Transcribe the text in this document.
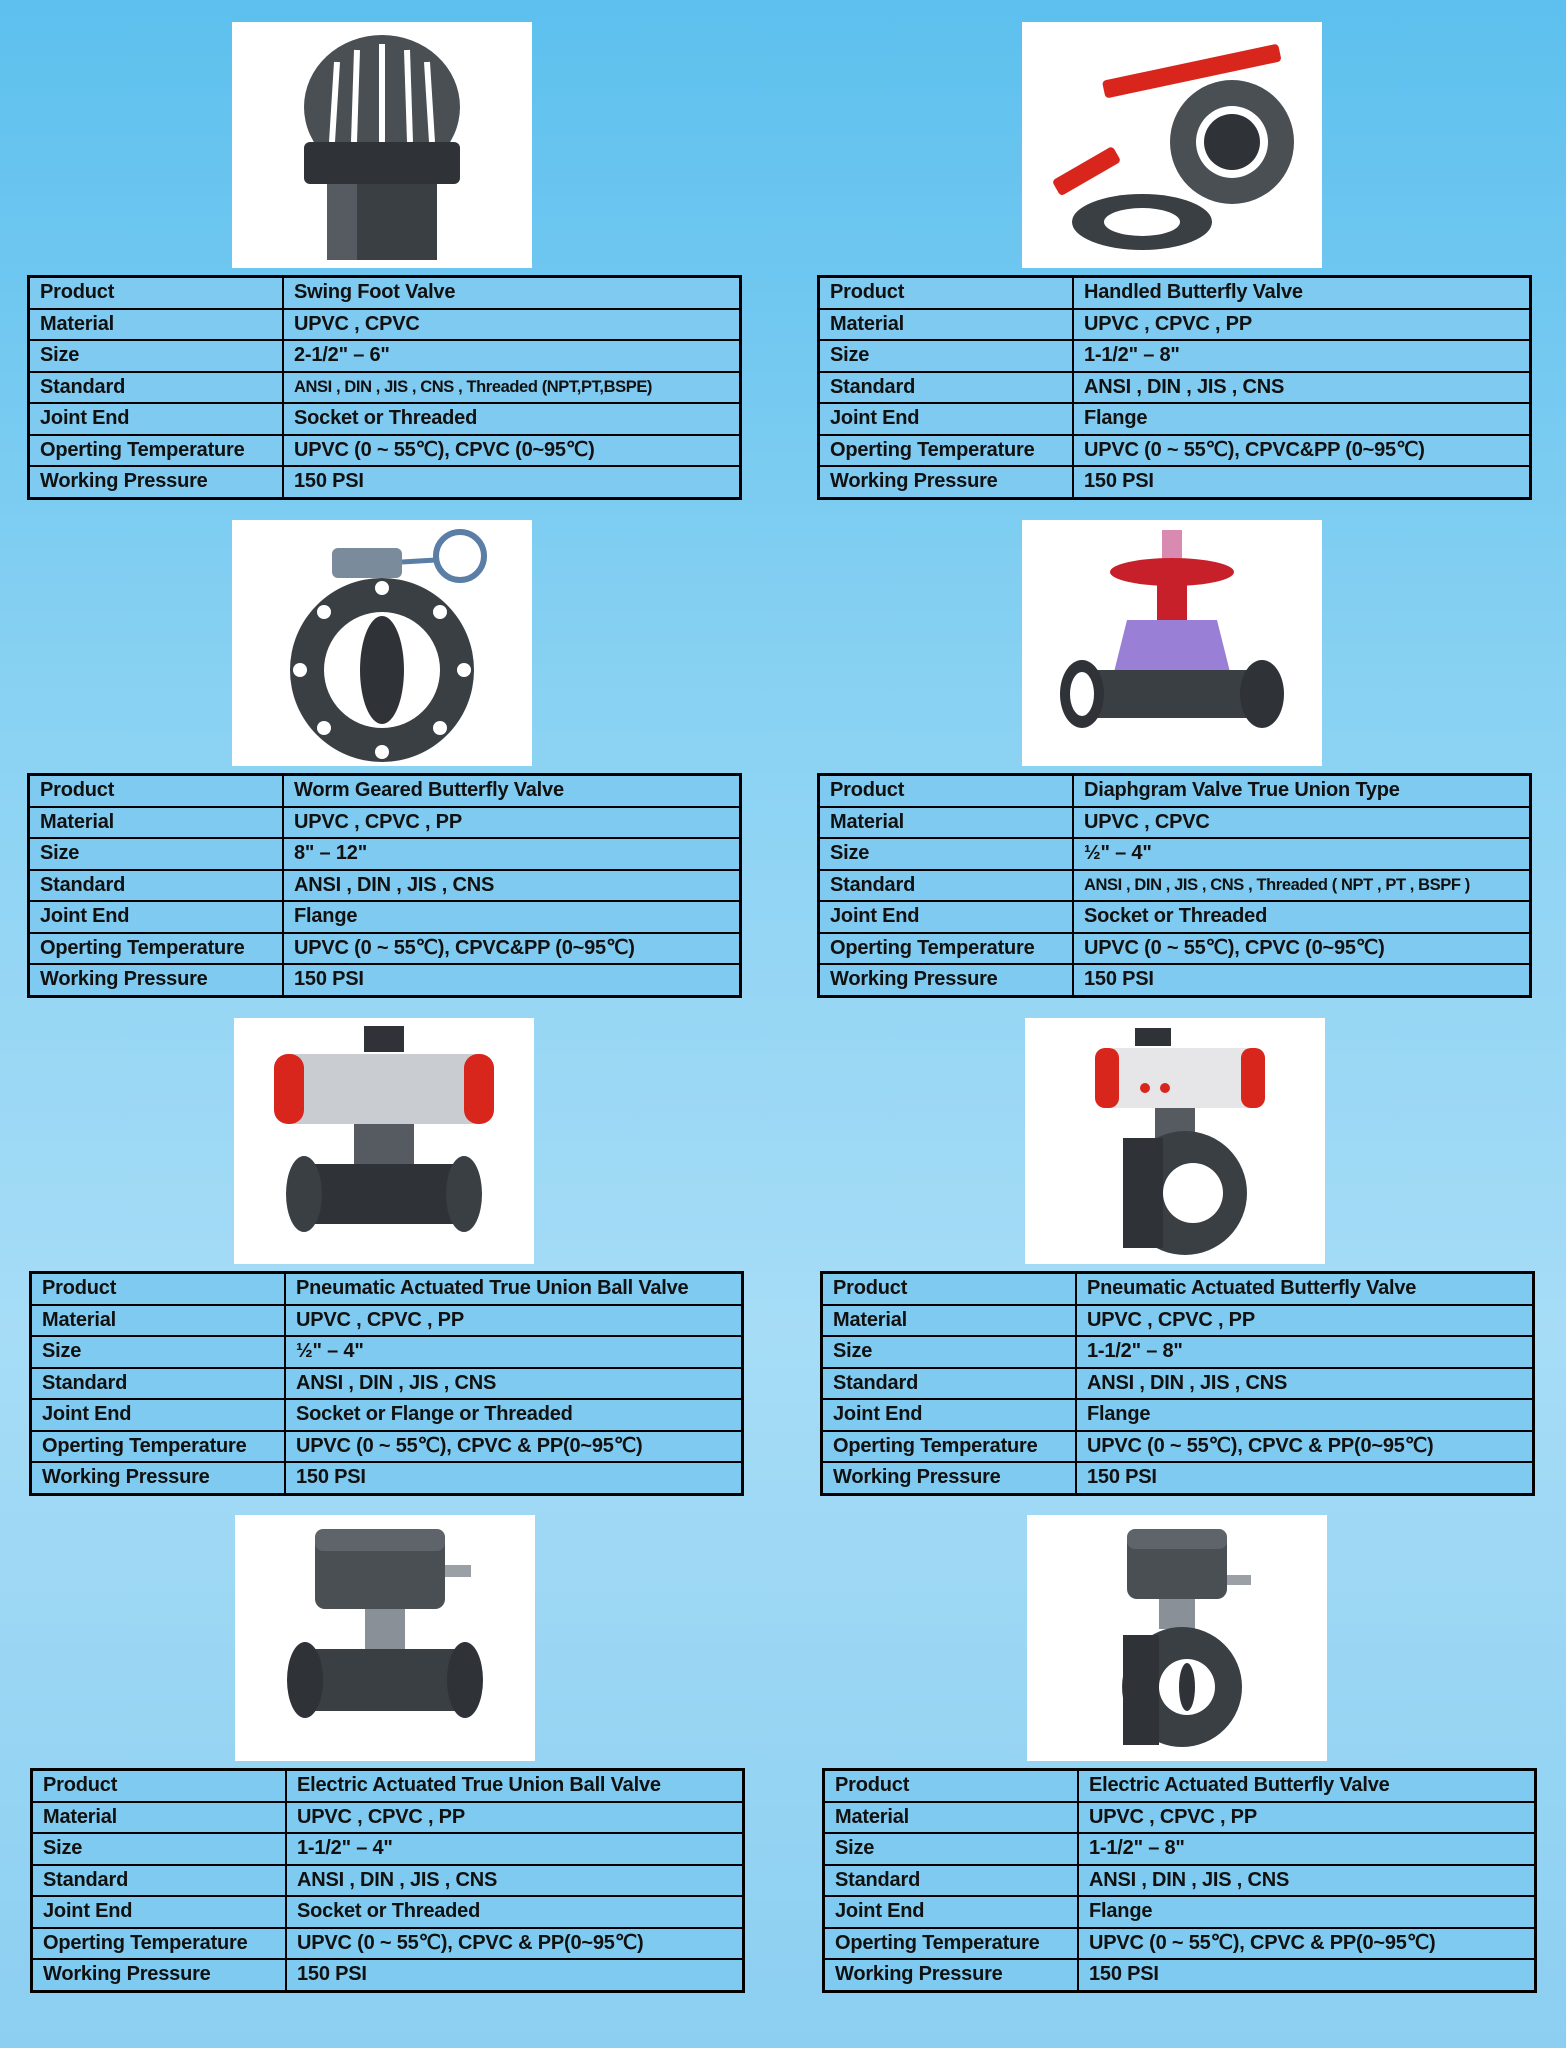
Product	Swing Foot Valve
Material	UPVC , CPVC
Size	2-1/2" – 6"
Standard	ANSI , DIN , JIS , CNS , Threaded (NPT,PT,BSPE)
Joint End	Socket or Threaded
Operting Temperature	UPVC (0 ~ 55℃), CPVC (0~95℃)
Working Pressure	150 PSI
Product	Handled Butterfly Valve
Material	UPVC , CPVC , PP
Size	1-1/2" – 8"
Standard	ANSI , DIN , JIS , CNS
Joint End	Flange
Operting Temperature	UPVC (0 ~ 55℃), CPVC&PP (0~95℃)
Working Pressure	150 PSI
Product	Worm Geared Butterfly Valve
Material	UPVC , CPVC , PP
Size	8" – 12"
Standard	ANSI , DIN , JIS , CNS
Joint End	Flange
Operting Temperature	UPVC (0 ~ 55℃), CPVC&PP (0~95℃)
Working Pressure	150 PSI
Product	Diaphgram Valve True Union Type
Material	UPVC , CPVC
Size	½" – 4"
Standard	ANSI , DIN , JIS , CNS , Threaded ( NPT , PT , BSPF )
Joint End	Socket or Threaded
Operting Temperature	UPVC (0 ~ 55℃), CPVC (0~95℃)
Working Pressure	150 PSI
Product	Pneumatic Actuated True Union Ball Valve
Material	UPVC , CPVC , PP
Size	½" – 4"
Standard	ANSI , DIN , JIS , CNS
Joint End	Socket or Flange or Threaded
Operting Temperature	UPVC (0 ~ 55℃), CPVC & PP(0~95℃)
Working Pressure	150 PSI
Product	Pneumatic Actuated Butterfly Valve
Material	UPVC , CPVC , PP
Size	1-1/2" – 8"
Standard	ANSI , DIN , JIS , CNS
Joint End	Flange
Operting Temperature	UPVC (0 ~ 55℃), CPVC & PP(0~95℃)
Working Pressure	150 PSI
Product	Electric Actuated True Union Ball Valve
Material	UPVC , CPVC , PP
Size	1-1/2" – 4"
Standard	ANSI , DIN , JIS , CNS
Joint End	Socket or Threaded
Operting Temperature	UPVC (0 ~ 55℃), CPVC & PP(0~95℃)
Working Pressure	150 PSI
Product	Electric Actuated Butterfly Valve
Material	UPVC , CPVC , PP
Size	1-1/2" – 8"
Standard	ANSI , DIN , JIS , CNS
Joint End	Flange
Operting Temperature	UPVC (0 ~ 55℃), CPVC & PP(0~95℃)
Working Pressure	150 PSI
